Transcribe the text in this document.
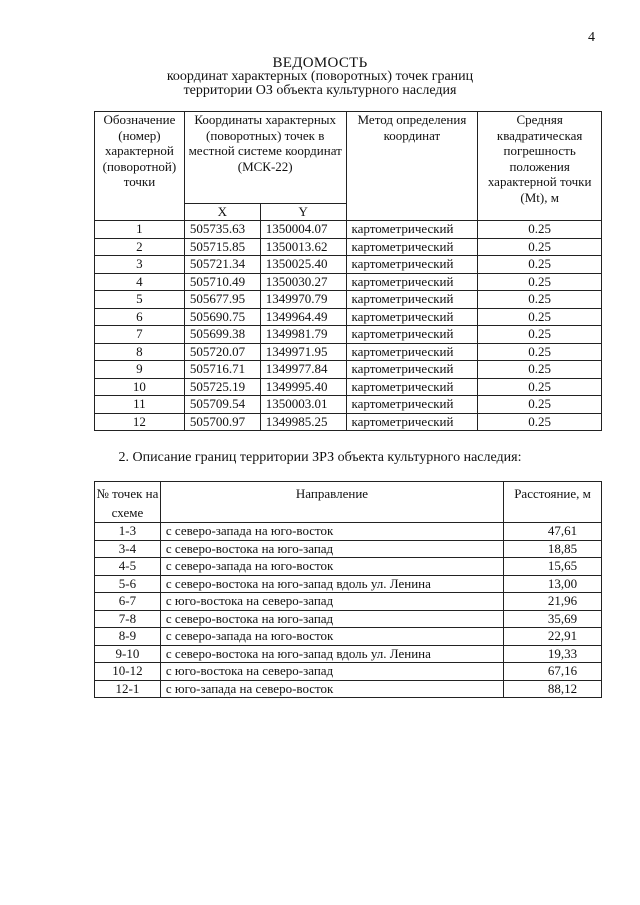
4
ВЕДОМОСТЬ
координат характерных (поворотных) точек границ
территории ОЗ объекта культурного наследия
Обозначение (номер) характерной (поворотной) точки	Координаты характерных (поворотных) точек в местной системе координат (МСК-22)		Метод определения координат	Средняя квадратическая погрешность положения характерной точки (Mt), м
	X	Y		
1	505735.63	1350004.07	картометрический	0.25
2	505715.85	1350013.62	картометрический	0.25
3	505721.34	1350025.40	картометрический	0.25
4	505710.49	1350030.27	картометрический	0.25
5	505677.95	1349970.79	картометрический	0.25
6	505690.75	1349964.49	картометрический	0.25
7	505699.38	1349981.79	картометрический	0.25
8	505720.07	1349971.95	картометрический	0.25
9	505716.71	1349977.84	картометрический	0.25
10	505725.19	1349995.40	картометрический	0.25
11	505709.54	1350003.01	картометрический	0.25
12	505700.97	1349985.25	картометрический	0.25
2. Описание границ территории ЗРЗ объекта культурного наследия:
№ точек на схеме	Направление	Расстояние, м
1-3	с северо-запада на юго-восток	47,61
3-4	с северо-востока на юго-запад	18,85
4-5	с северо-запада на юго-восток	15,65
5-6	с северо-востока на юго-запад вдоль ул. Ленина	13,00
6-7	с юго-востока на северо-запад	21,96
7-8	с северо-востока на юго-запад	35,69
8-9	с северо-запада на юго-восток	22,91
9-10	с северо-востока на юго-запад вдоль ул. Ленина	19,33
10-12	с юго-востока на северо-запад	67,16
12-1	с юго-запада на северо-восток	88,12
